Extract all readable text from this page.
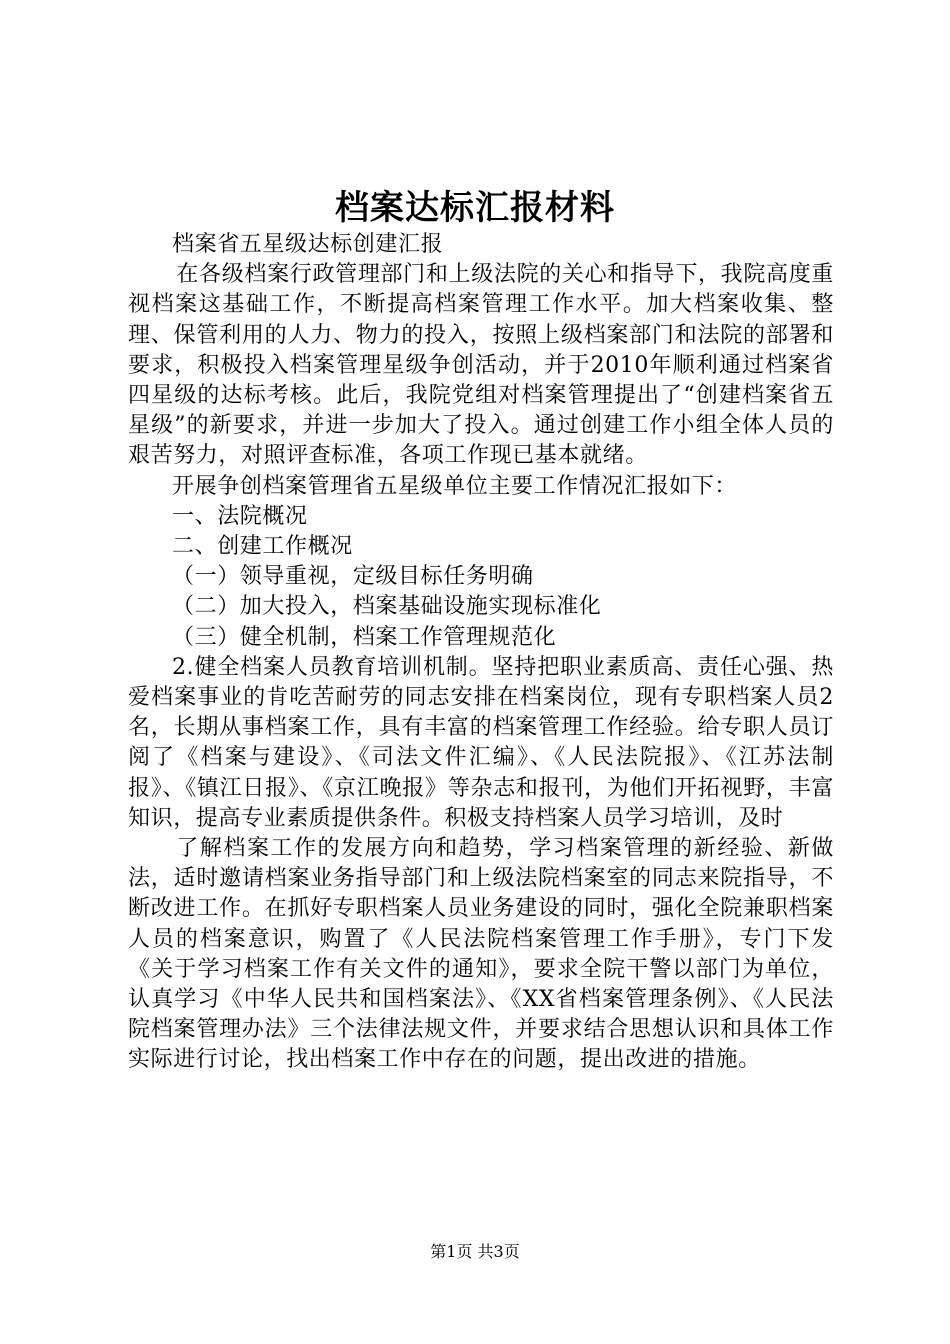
档案达标汇报材料

档案省五星级达标创建汇报

在各级档案行政管理部门和上级法院的关心和指导下，我院高度重视档案这基础工作，不断提高档案管理工作水平。加大档案收集、整理、保管利用的人力、物力的投入，按照上级档案部门和法院的部署和要求，积极投入档案管理星级争创活动，并于2010年顺利通过档案省四星级的达标考核。此后，我院党组对档案管理提出了“创建档案省五星级”的新要求，并进一步加大了投入。通过创建工作小组全体人员的艰苦努力，对照评查标准，各项工作现已基本就绪。

开展争创档案管理省五星级单位主要工作情况汇报如下：

一、法院概况

二、创建工作概况

（一）领导重视，定级目标任务明确

（二）加大投入，档案基础设施实现标准化

（三）健全机制，档案工作管理规范化

2.健全档案人员教育培训机制。坚持把职业素质高、责任心强、热爱档案事业的肯吃苦耐劳的同志安排在档案岗位，现有专职档案人员2名，长期从事档案工作，具有丰富的档案管理工作经验。给专职人员订阅了《档案与建设》、《司法文件汇编》、《人民法院报》、《江苏法制报》、《镇江日报》、《京江晚报》等杂志和报刊，为他们开拓视野，丰富知识，提高专业素质提供条件。积极支持档案人员学习培训，及时

了解档案工作的发展方向和趋势，学习档案管理的新经验、新做法，适时邀请档案业务指导部门和上级法院档案室的同志来院指导，不断改进工作。在抓好专职档案人员业务建设的同时，强化全院兼职档案人员的档案意识，购置了《人民法院档案管理工作手册》，专门下发《关于学习档案工作有关文件的通知》，要求全院干警以部门为单位，认真学习《中华人民共和国档案法》、《XX省档案管理条例》、《人民法院档案管理办法》三个法律法规文件，并要求结合思想认识和具体工作实际进行讨论，找出档案工作中存在的问题，提出改进的措施。

第1页 共3页
